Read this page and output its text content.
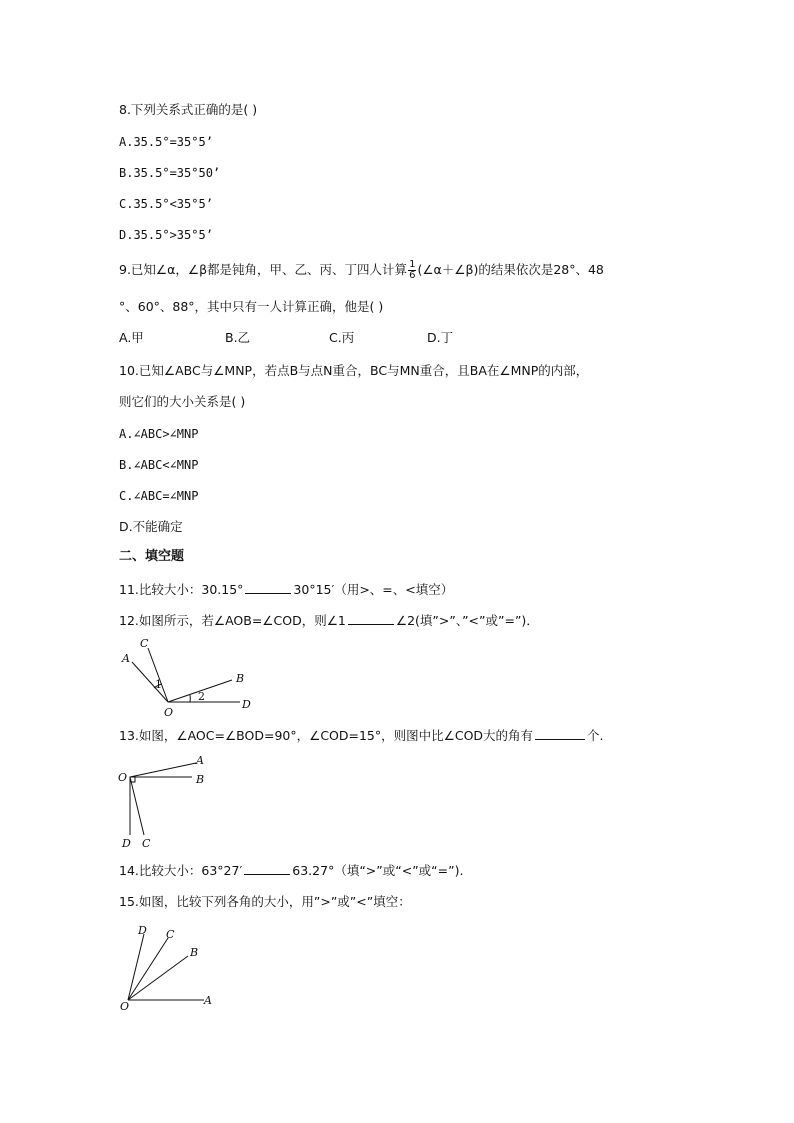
8.下列关系式正确的是( )
A.35.5°=35°5’
B.35.5°=35°50’
C.35.5°<35°5’
D.35.5°>35°5’
9.已知∠α，∠β都是钝角，甲、乙、丙、丁四人计算 $\frac{1}{6}$ (∠α＋∠β)的结果依次是28°、48
°、60°、88°，其中只有一人计算正确，他是( )
A.甲	B.乙	C.丙	D.丁
10.已知∠ABC与∠MNP，若点B与点N重合，BC与MN重合，且BA在∠MNP的内部，
则它们的大小关系是( )
A.∠ABC>∠MNP
B.∠ABC<∠MNP
C.∠ABC=∠MNP
D.不能确定
二、填空题
11.比较大小：30.15°	30°15′（用>、=、<填空）
12.如图所示，若∠AOB=∠COD，则∠1	∠2(填”>”、”<”或”=”)．
C
A
B
D
O
1
2
13.如图，∠AOC=∠BOD=90°，∠COD=15°，则图中比∠COD大的角有	个.
O
A
B
D C
14.比较大小：63°27′	63.27°（填“>”或“<”或“=”).
15.如图，比较下列各角的大小，用”>”或”<”填空：
D C
B
A
O
